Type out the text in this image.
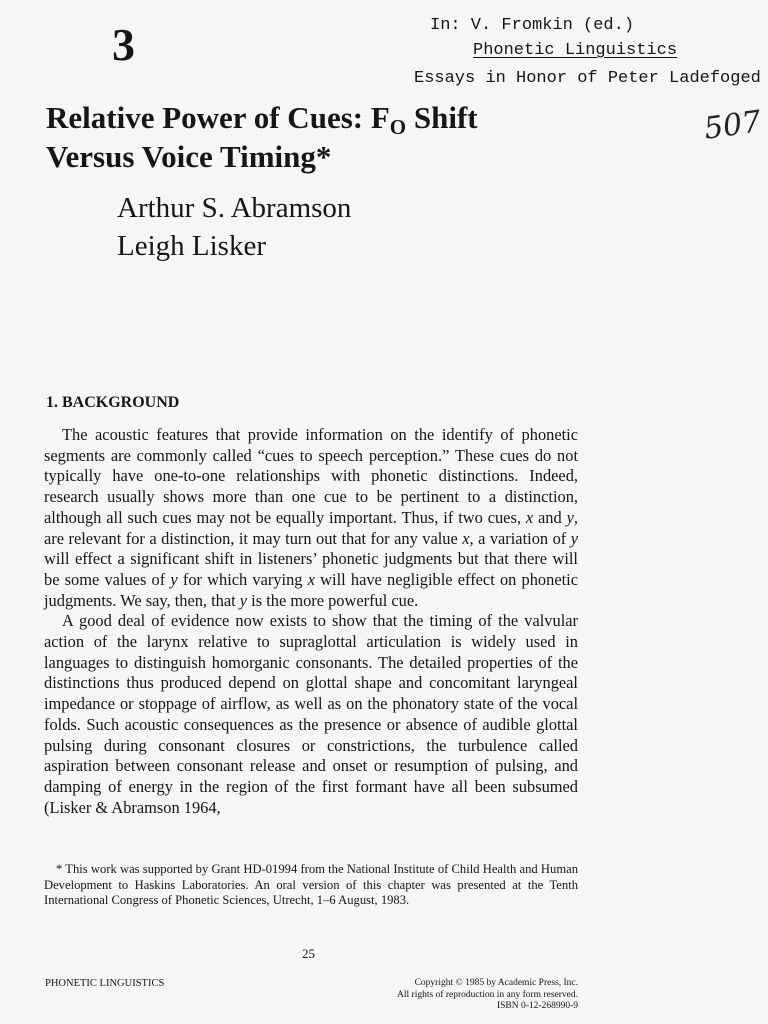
3	In: V. Fromkin (ed.)
Phonetic Linguistics
Essays in Honor of Peter Ladefoged
507
Relative Power of Cues: FO Shift
Versus Voice Timing*
Arthur S. Abramson
Leigh Lisker
1. BACKGROUND

The acoustic features that provide information on the identify of phonetic segments are commonly called “cues to speech perception.” These cues do not typically have one-to-one relationships with phonetic distinctions. Indeed, research usually shows more than one cue to be pertinent to a distinction, although all such cues may not be equally important. Thus, if two cues, x and y, are relevant for a distinction, it may turn out that for any value x, a variation of y will effect a significant shift in listeners’ phonetic judgments but that there will be some values of y for which varying x will have negligible effect on phonetic judgments. We say, then, that y is the more powerful cue.

A good deal of evidence now exists to show that the timing of the valvular action of the larynx relative to supraglottal articulation is widely used in languages to distinguish homorganic consonants. The detailed properties of the distinctions thus produced depend on glottal shape and concomitant laryngeal impedance or stoppage of airflow, as well as on the phonatory state of the vocal folds. Such acoustic consequences as the presence or absence of audible glottal pulsing during consonant closures or constrictions, the turbulence called aspiration between consonant release and onset or resumption of pulsing, and damping of energy in the region of the first formant have all been subsumed (Lisker & Abramson 1964,

* This work was supported by Grant HD-01994 from the National Institute of Child Health and Human Development to Haskins Laboratories. An oral version of this chapter was presented at the Tenth International Congress of Phonetic Sciences, Utrecht, 1–6 August, 1983.
25
PHONETIC LINGUISTICS	Copyright © 1985 by Academic Press, Inc.
All rights of reproduction in any form reserved.
ISBN 0-12-268990-9
